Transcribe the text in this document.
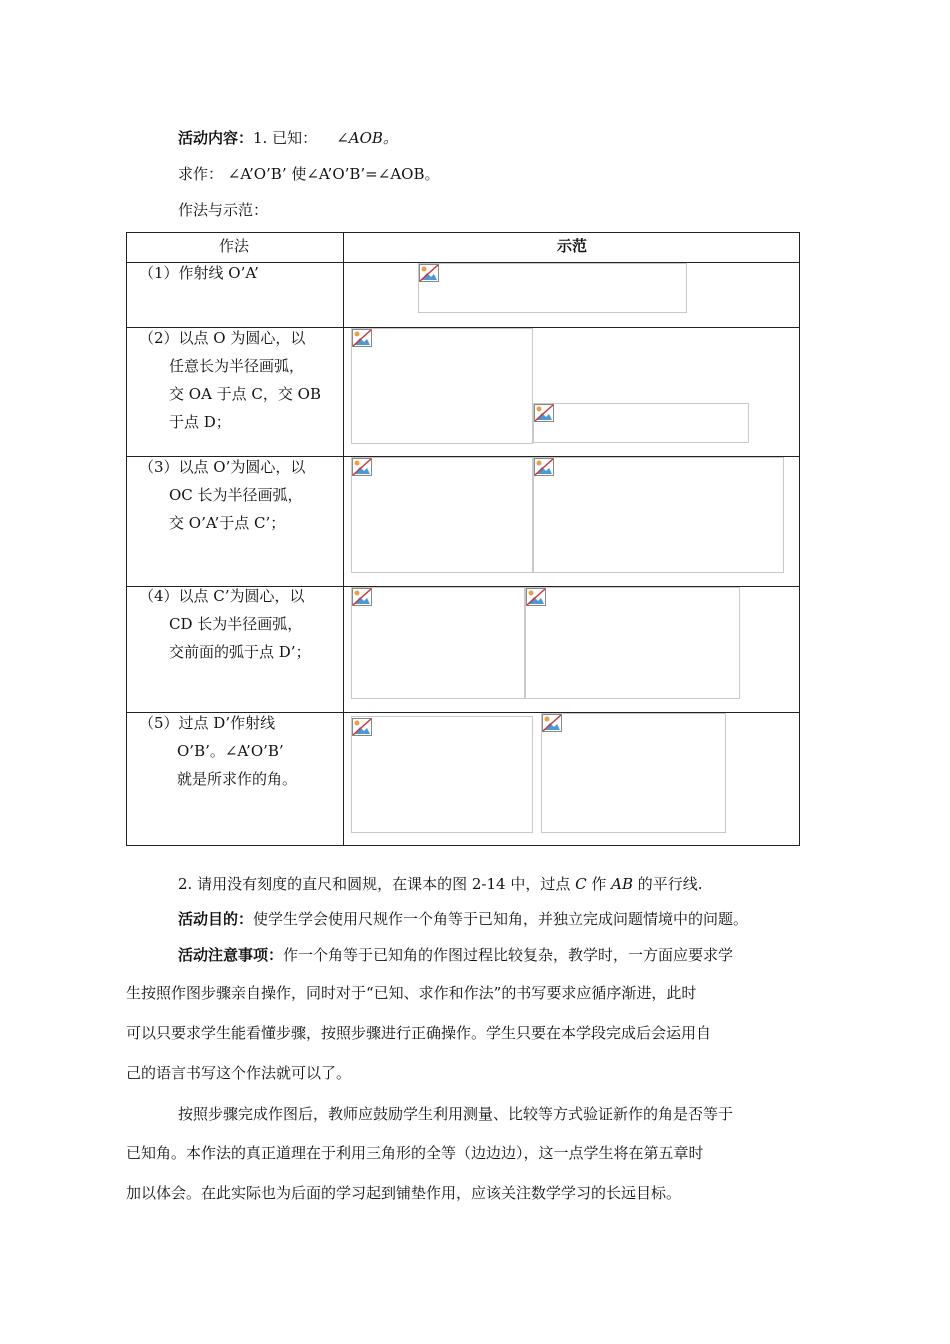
活动内容：1. 已知： ∠AOB。
求作： ∠A’O’B’ 使∠A’O’B’=∠AOB。
作法与示范：
作法	示范
（1）作射线 O’A’
（2）以点 O 为圆心，以
任意长为半径画弧，
交 OA 于点 C，交 OB
于点 D；
（3）以点 O’为圆心，以
OC 长为半径画弧，
交 O’A’于点 C’；
（4）以点 C’为圆心，以
CD 长为半径画弧，
交前面的弧于点 D’；
（5）过点 D’作射线
O’B’。∠A’O’B’
就是所求作的角。
2. 请用没有刻度的直尺和圆规，在课本的图 2-14 中，过点 C 作 AB 的平行线.
活动目的：使学生学会使用尺规作一个角等于已知角，并独立完成问题情境中的问题。
活动注意事项：作一个角等于已知角的作图过程比较复杂，教学时，一方面应要求学
生按照作图步骤亲自操作，同时对于“已知、求作和作法”的书写要求应循序渐进，此时
可以只要求学生能看懂步骤，按照步骤进行正确操作。学生只要在本学段完成后会运用自
己的语言书写这个作法就可以了。
按照步骤完成作图后，教师应鼓励学生利用测量、比较等方式验证新作的角是否等于
已知角。本作法的真正道理在于利用三角形的全等（边边边），这一点学生将在第五章时
加以体会。在此实际也为后面的学习起到铺垫作用，应该关注数学学习的长远目标。
